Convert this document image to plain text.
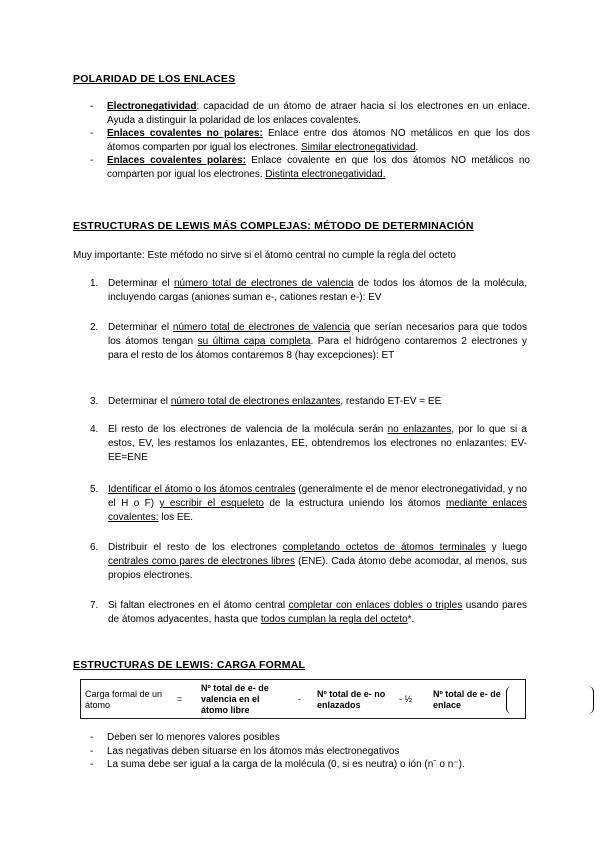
POLARIDAD DE LOS ENLACES
- Electronegatividad: capacidad de un átomo de atraer hacia sí los electrones en un enlace. Ayuda a distinguir la polaridad de los enlaces covalentes.
- Enlaces covalentes no polares: Enlace entre dos átomos NO metálicos en que los dos átomos comparten por igual los electrones. Similar electronegatividad.
- Enlaces covalentes polares: Enlace covalente en que los dos átomos NO metálicos no comparten por igual los electrones. Distinta electronegatividad.
ESTRUCTURAS DE LEWIS MÁS COMPLEJAS: MÉTODO DE DETERMINACIÓN
Muy importante: Este método no sirve si el átomo central no cumple la regla del octeto
1. Determinar el número total de electrones de valencia de todos los átomos de la molécula, incluyendo cargas (aniones suman e-, cationes restan e-): EV
2. Determinar el número total de electrones de valencia que serían necesarios para que todos los átomos tengan su última capa completa. Para el hidrógeno contaremos 2 electrones y para el resto de los átomos contaremos 8 (hay excepciones): ET
3. Determinar el número total de electrones enlazantes, restando ET-EV = EE
4. El resto de los electrones de valencia de la molécula serán no enlazantes, por lo que si a estos, EV, les restamos los enlazantes, EE, obtendremos los electrones no enlazantes: EV-EE=ENE
5. Identificar el átomo o los átomos centrales (generalmente el de menor electronegatividad, y no el H o F) y escribir el esqueleto de la estructura uniendo los átomos mediante enlaces covalentes: los EE.
6. Distribuir el resto de los electrones completando octetos de átomos terminales y luego centrales como pares de electrones libres (ENE). Cada átomo debe acomodar, al menos, sus propios electrones.
7. Si faltan electrones en el átomo central completar con enlaces dobles o triples usando pares de átomos adyacentes, hasta que todos cumplan la regla del octeto*.
ESTRUCTURAS DE LEWIS: CARGA FORMAL
Carga formal de un átomo
=
Nº total de e- de valencia en el átomo libre
- Nº total de e- no enlazados
- ½ Nº total de e- de enlace
- Deben ser lo menores valores posibles
- Las negativas deben situarse en los átomos más electronegativos
- La suma debe ser igual a la carga de la molécula (0, si es neutra) o ión (nˉ o n⁻).
